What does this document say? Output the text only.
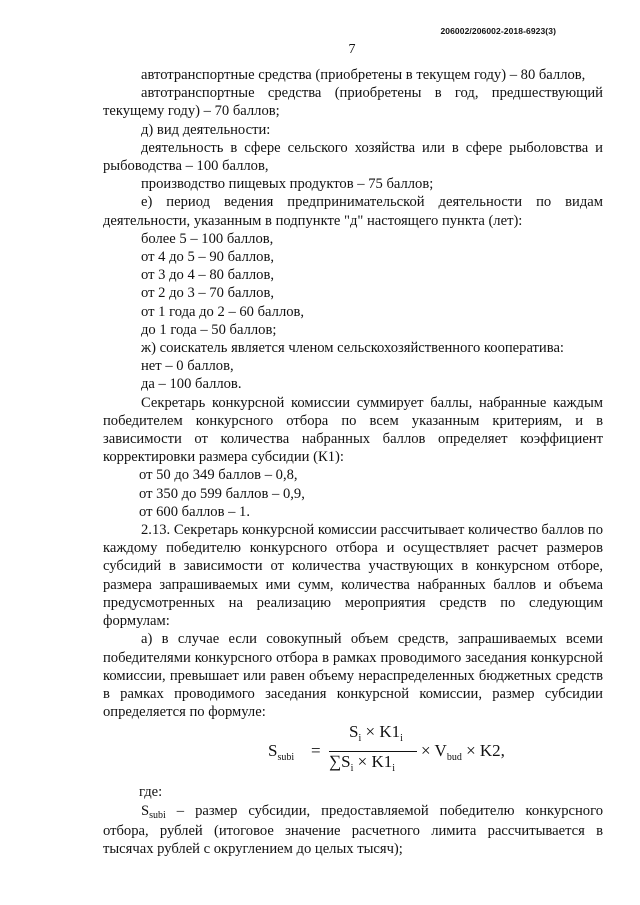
206002/206002-2018-6923(3)
7

автотранспортные средства (приобретены в текущем году) – 80 баллов,

автотранспортные средства (приобретены в год, предшествующий текущему году) – 70 баллов;

д) вид деятельности:

деятельность в сфере сельского хозяйства или в сфере рыболовства и рыбоводства – 100 баллов,

производство пищевых продуктов – 75 баллов;

е) период ведения предпринимательской деятельности по видам деятельности, указанным в подпункте "д" настоящего пункта (лет):

более 5 – 100 баллов,

от 4 до 5 – 90 баллов,

от 3 до 4 – 80 баллов,

от 2 до 3 – 70 баллов,

от 1 года до 2 – 60 баллов,

до 1 года – 50 баллов;

ж) соискатель является членом сельскохозяйственного кооператива:

нет – 0 баллов,

да – 100 баллов.

Секретарь конкурсной комиссии суммирует баллы, набранные каждым победителем конкурсного отбора по всем указанным критериям, и в зависимости от количества набранных баллов определяет коэффициент корректировки размера субсидии (К1):

от 50 до 349 баллов – 0,8,

от 350 до 599 баллов – 0,9,

от 600 баллов – 1.

2.13. Секретарь конкурсной комиссии рассчитывает количество баллов по каждому победителю конкурсного отбора и осуществляет расчет размеров субсидий в зависимости от количества участвующих в конкурсном отборе, размера запрашиваемых ими сумм, количества набранных баллов и объема предусмотренных на реализацию мероприятия средств по следующим формулам:

а) в случае если совокупный объем средств, запрашиваемых всеми победителями конкурсного отбора в рамках проводимого заседания конкурсной комиссии, превышает или равен объему нераспределенных бюджетных средств в рамках проводимого заседания конкурсной комиссии, размер субсидии определяется по формуле:

$S_{subi}$ =
$S_i \times K1_i$
$\sum S_i \times K1_i$
× $V_{bud} \times K2$,

где:

$S_{subi}$ – размер субсидии, предоставляемой победителю конкурсного отбора, рублей (итоговое значение расчетного лимита рассчитывается в тысячах рублей с округлением до целых тысяч);
